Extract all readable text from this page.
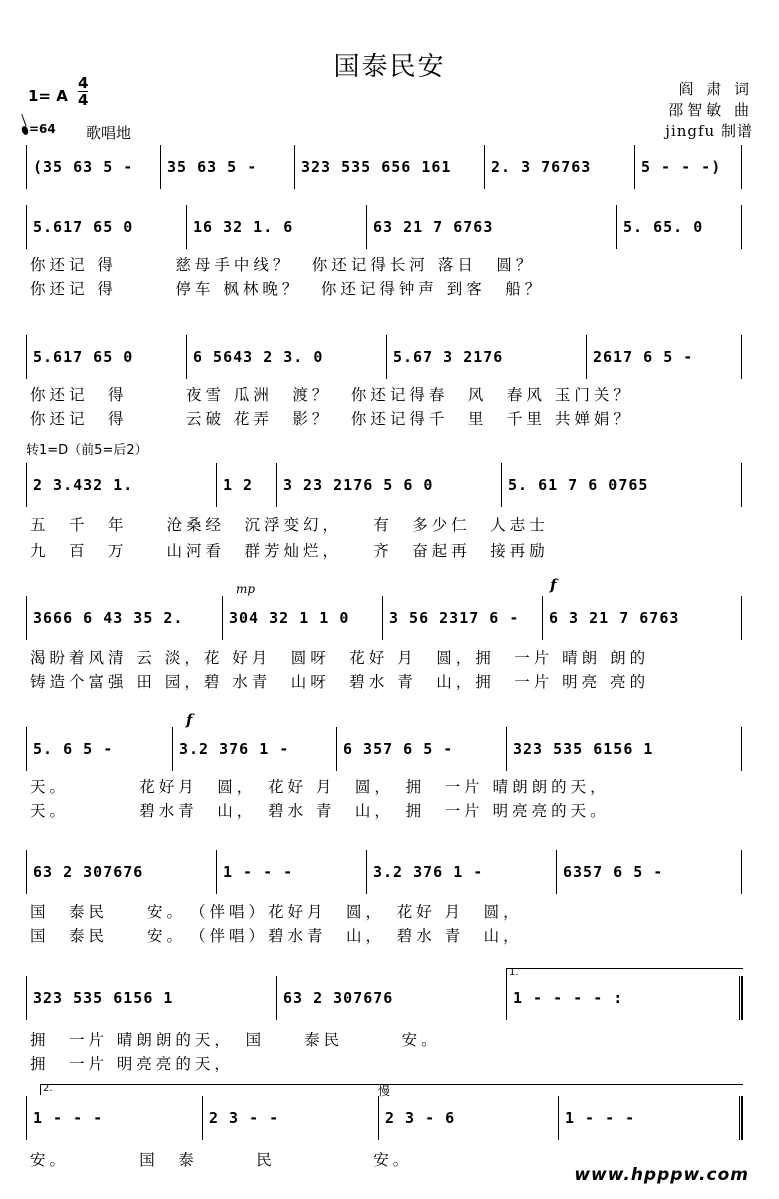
国泰民安
阎 肃 词
邵智敏 曲
jingfu 制谱
1= A
4
4
=64 歌唱地
(35 63 5 -	35 63 5 -	323 535 656 161	2. 3 76763	5 - - -)
5.617 65 0	16 32 1. 6	63 21 7 6763	5. 65. 0
你还记 得　　　慈母手中线？　你还记得长河 落日　圆？
你还记 得　　　停车 枫林晚？　你还记得钟声 到客　船？
5.617 65 0	6 5643 2 3. 0	5.67 3 2176	2617 6 5 -
你还记　得　　　夜雪 瓜洲　渡？　你还记得春　风　春风 玉门关？
你还记　得　　　云破 花弄　影？　你还记得千　里　千里 共婵娟？
转1=D（前5=后2）
2 3.432 1.	1 2	3 23 2176 5 6 0	5. 61 7 6 0765
五　千　年　　沧桑经　沉浮变幻，　　有　多少仁　人志士
九　百　万　　山河看　群芳灿烂，　　齐　奋起再　接再励
mp	f
3666 6 43 35 2.	304 32 1 1 0	3 56 2317 6 -	6 3 21 7 6763
渴盼着风清 云 淡，花 好月　圆呀　花好 月　圆，拥　一片 晴朗 朗的
铸造个富强 田 园，碧 水青　山呀　碧水 青　山，拥　一片 明亮 亮的
f
5. 6 5 -	3.2 376 1 -	6 357 6 5 -	323 535 6156 1
天。　　　　花好月　圆，　花好 月　圆，　拥　一片 晴朗朗的天，
天。　　　　碧水青　山，　碧水 青　山，　拥　一片 明亮亮的天。
63 2 307676	1 - - -	3.2 376 1 -	6357 6 5 -
国　泰民　　安。　（伴唱）花好月　圆，　花好 月　圆，
国　泰民　　安。　（伴唱）碧水青　山，　碧水 青　山，
1.
323 535 6156 1	63 2 307676	1 - - - - :
拥　一片 晴朗朗的天，　国　　泰民　　　安。
拥　一片 明亮亮的天，
2.	慢
1 - - -	2 3 - -	2 3 - 6	1 - - -
安。　　　　国　泰　　　民　　　　　安。
www.hpppw.com
